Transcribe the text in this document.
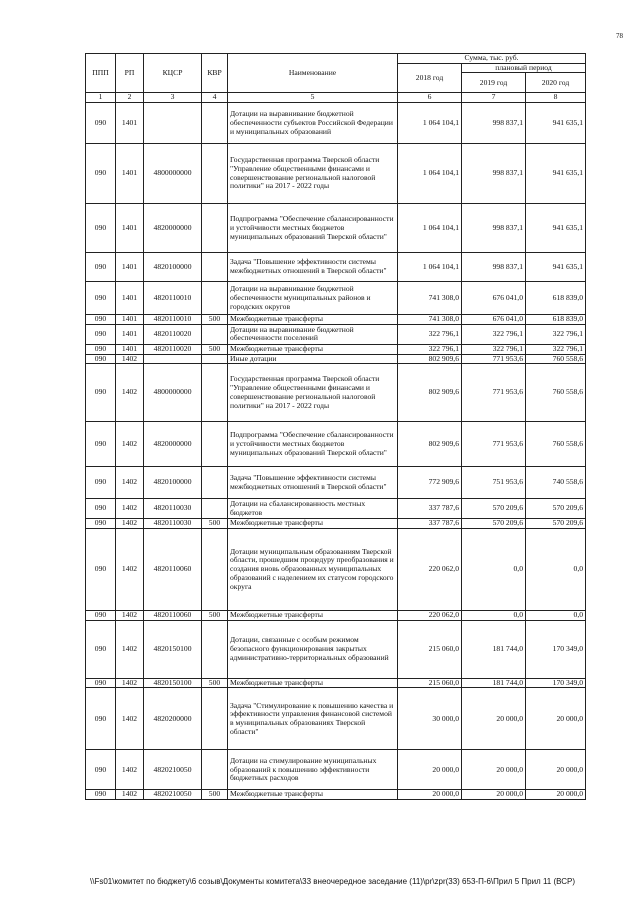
78
ППП	РП	КЦСР	КВР	Наименование	Сумма, тыс. руб.		
					2018 год	плановый период	
						2019 год	2020 год
1	2	3	4	5	6	7	8
090	1401			Дотации на выравнивание бюджетной обеспеченности субъектов Российской Федерации и муниципальных образований	1 064 104,1	998 837,1	941 635,1
090	1401	4800000000		Государственная программа Тверской области "Управление общественными финансами и совершенствование региональной налоговой политики" на 2017 - 2022 годы	1 064 104,1	998 837,1	941 635,1
090	1401	4820000000		Подпрограмма "Обеспечение сбалансированности и устойчивости местных бюджетов муниципальных образований Тверской области"	1 064 104,1	998 837,1	941 635,1
090	1401	4820100000		Задача "Повышение эффективности системы межбюджетных отношений в Тверской области"	1 064 104,1	998 837,1	941 635,1
090	1401	4820110010		Дотации на выравнивание бюджетной обеспеченности муниципальных районов и городских округов	741 308,0	676 041,0	618 839,0
090	1401	4820110010	500	Межбюджетные трансферты	741 308,0	676 041,0	618 839,0
090	1401	4820110020		Дотации на выравнивание бюджетной обеспеченности поселений	322 796,1	322 796,1	322 796,1
090	1401	4820110020	500	Межбюджетные трансферты	322 796,1	322 796,1	322 796,1
090	1402			Иные дотации	802 909,6	771 953,6	760 558,6
090	1402	4800000000		Государственная программа Тверской области "Управление общественными финансами и совершенствование региональной налоговой политики" на 2017 - 2022 годы	802 909,6	771 953,6	760 558,6
090	1402	4820000000		Подпрограмма "Обеспечение сбалансированности и устойчивости местных бюджетов муниципальных образований Тверской области"	802 909,6	771 953,6	760 558,6
090	1402	4820100000		Задача "Повышение эффективности системы межбюджетных отношений в Тверской области"	772 909,6	751 953,6	740 558,6
090	1402	4820110030		Дотации на сбалансированность местных бюджетов	337 787,6	570 209,6	570 209,6
090	1402	4820110030	500	Межбюджетные трансферты	337 787,6	570 209,6	570 209,6
090	1402	4820110060		Дотации муниципальным образованиям Тверской области, прошедшим процедуру преобразования и создания вновь образованных муниципальных образований с наделением их статусом городского округа	220 062,0	0,0	0,0
090	1402	4820110060	500	Межбюджетные трансферты	220 062,0	0,0	0,0
090	1402	4820150100		Дотации, связанные с особым режимом безопасного функционирования закрытых административно-территориальных образований	215 060,0	181 744,0	170 349,0
090	1402	4820150100	500	Межбюджетные трансферты	215 060,0	181 744,0	170 349,0
090	1402	4820200000		Задача "Стимулирование к повышению качества и эффективности управления финансовой системой в муниципальных образованиях Тверской области"	30 000,0	20 000,0	20 000,0
090	1402	4820210050		Дотации на стимулирование муниципальных образований к повышению эффективности бюджетных расходов	20 000,0	20 000,0	20 000,0
090	1402	4820210050	500	Межбюджетные трансферты	20 000,0	20 000,0	20 000,0
\\Fs01\комитет по бюджету\6 созыв\Документы комитета\33 внеочередное заседание (11)\pr\zpr(33) 653-П-6\Прил 5 Прил 11 (ВСР)
